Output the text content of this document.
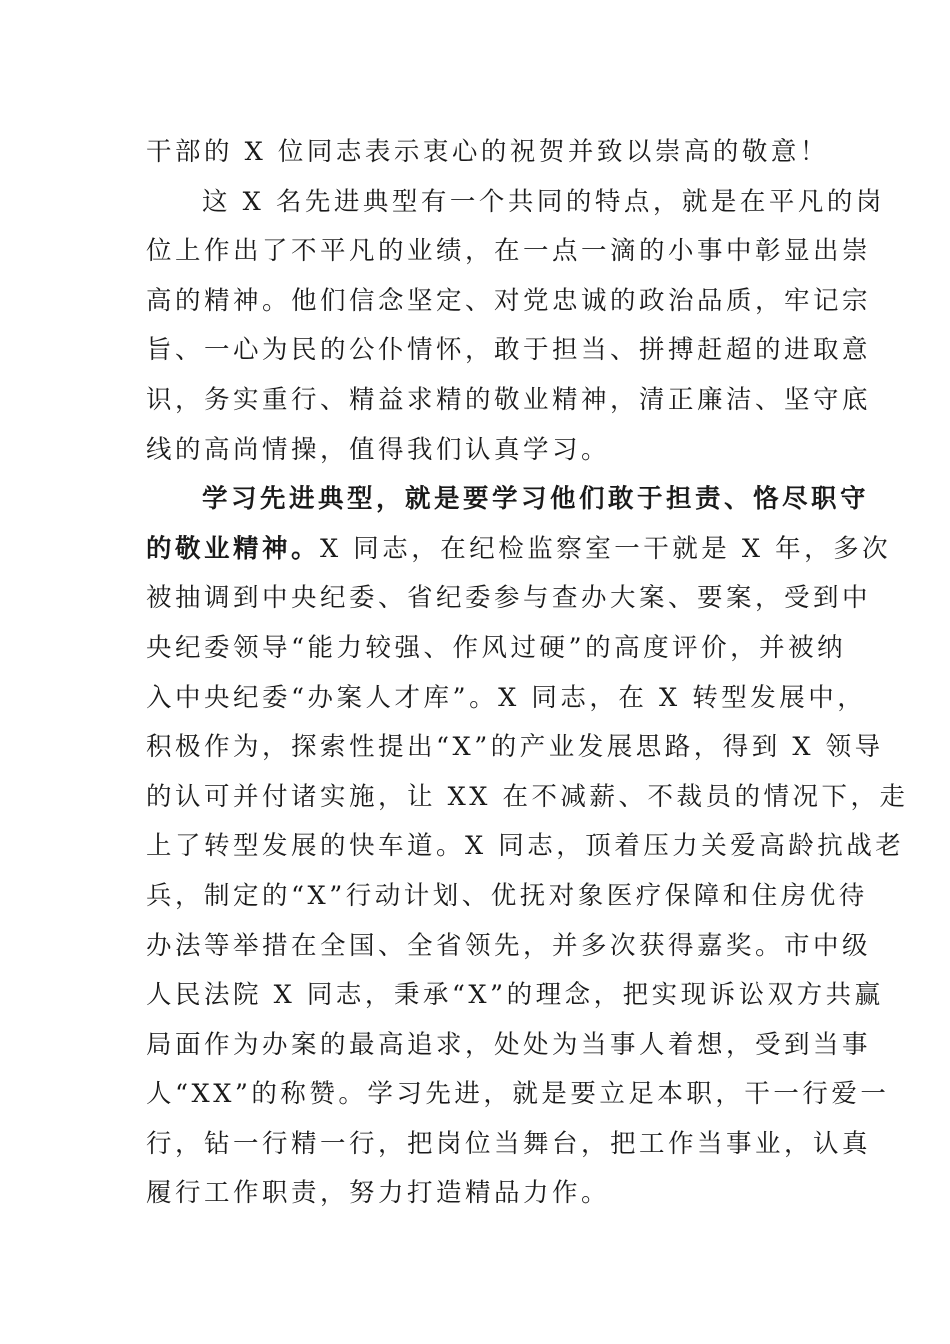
干部的 X 位同志表示衷心的祝贺并致以崇高的敬意！
这 X 名先进典型有一个共同的特点，就是在平凡的岗
位上作出了不平凡的业绩，在一点一滴的小事中彰显出崇
高的精神。他们信念坚定、对党忠诚的政治品质，牢记宗
旨、一心为民的公仆情怀，敢于担当、拼搏赶超的进取意
识，务实重行、精益求精的敬业精神，清正廉洁、坚守底
线的高尚情操，值得我们认真学习。
学习先进典型，就是要学习他们敢于担责、恪尽职守
的敬业精神。X 同志，在纪检监察室一干就是 X 年，多次
被抽调到中央纪委、省纪委参与查办大案、要案，受到中
央纪委领导“能力较强、作风过硬”的高度评价，并被纳
入中央纪委“办案人才库”。X 同志，在 X 转型发展中，
积极作为，探索性提出“X”的产业发展思路，得到 X 领导
的认可并付诸实施，让 XX 在不减薪、不裁员的情况下，走
上了转型发展的快车道。X 同志，顶着压力关爱高龄抗战老
兵，制定的“X”行动计划、优抚对象医疗保障和住房优待
办法等举措在全国、全省领先，并多次获得嘉奖。市中级
人民法院 X 同志，秉承“X”的理念，把实现诉讼双方共赢
局面作为办案的最高追求，处处为当事人着想，受到当事
人“XX”的称赞。学习先进，就是要立足本职，干一行爱一
行，钻一行精一行，把岗位当舞台，把工作当事业，认真
履行工作职责，努力打造精品力作。
